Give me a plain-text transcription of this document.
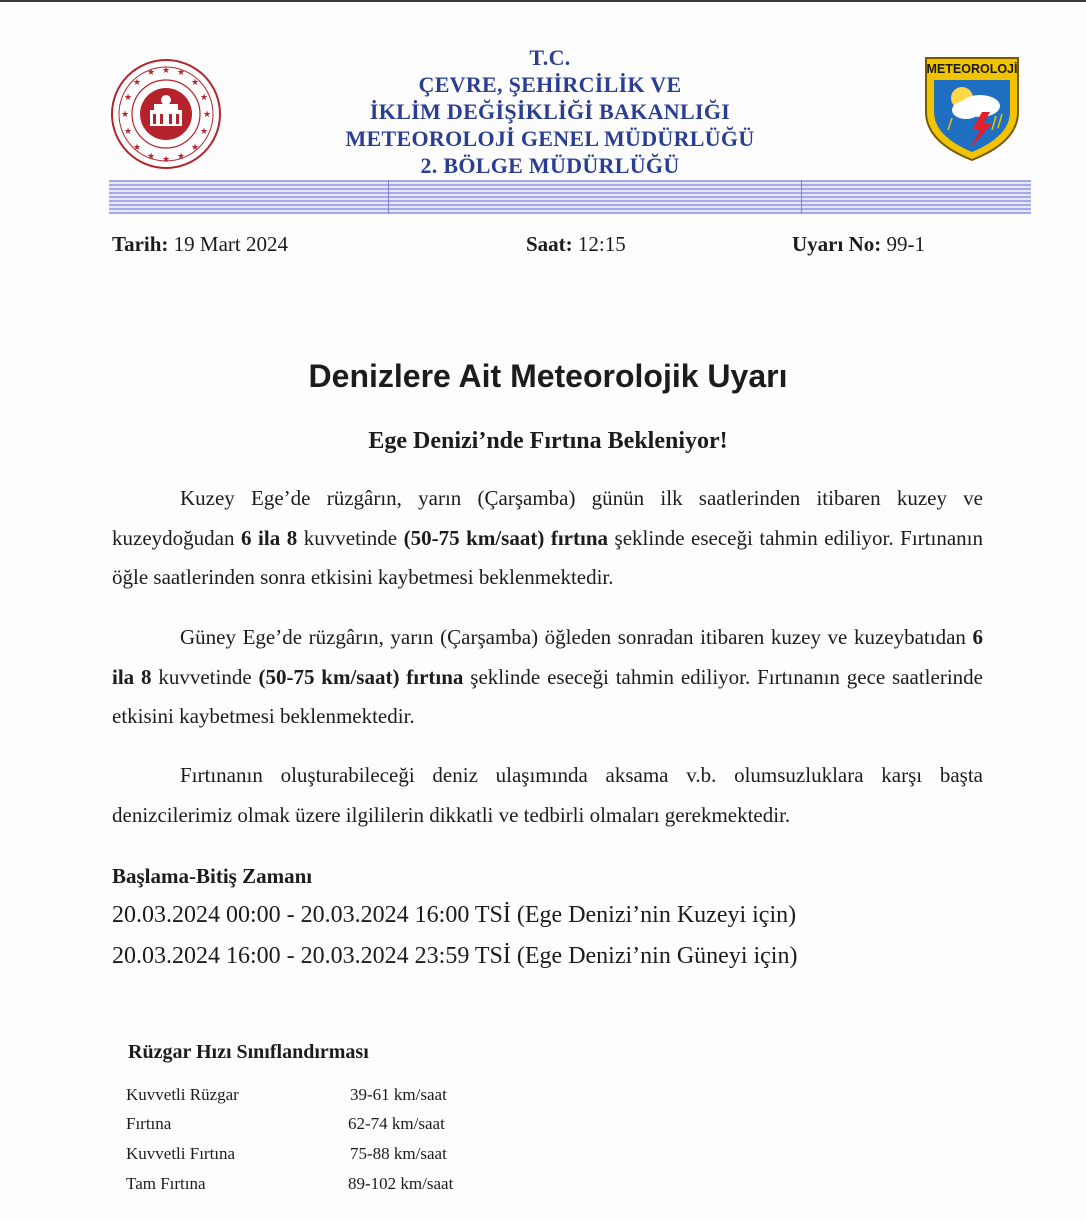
★
★
★
★
★
★
★
★
★
★
★
★
★
★
★
★
T.C.
ÇEVRE, ŞEHİRCİLİK VE
İKLİM DEĞİŞİKLİĞİ BAKANLIĞI
METEOROLOJİ GENEL MÜDÜRLÜĞÜ
2. BÖLGE MÜDÜRLÜĞÜ
METEOROLOJİ
Tarih: 19 Mart 2024	Saat: 12:15	Uyarı No: 99-1
Denizlere Ait Meteorolojik Uyarı
Ege Denizi’nde Fırtına Bekleniyor!
Kuzey Ege’de rüzgârın, yarın (Çarşamba) günün ilk saatlerinden itibaren kuzey ve kuzeydoğudan 6 ila 8 kuvvetinde (50-75 km/saat) fırtına şeklinde eseceği tahmin ediliyor. Fırtınanın öğle saatlerinden sonra etkisini kaybetmesi beklenmektedir.
Güney Ege’de rüzgârın, yarın (Çarşamba) öğleden sonradan itibaren kuzey ve kuzeybatıdan 6 ila 8 kuvvetinde (50-75 km/saat) fırtına şeklinde eseceği tahmin ediliyor. Fırtınanın gece saatlerinde etkisini kaybetmesi beklenmektedir.
Fırtınanın oluşturabileceği deniz ulaşımında aksama v.b. olumsuzluklara karşı başta denizcilerimiz olmak üzere ilgililerin dikkatli ve tedbirli olmaları gerekmektedir.
Başlama-Bitiş Zamanı
20.03.2024 00:00 - 20.03.2024 16:00 TSİ (Ege Denizi’nin Kuzeyi için)
20.03.2024 16:00 - 20.03.2024 23:59 TSİ (Ege Denizi’nin Güneyi için)
Rüzgar Hızı Sınıflandırması
Kuvvetli Rüzgar	39-61 km/saat
Fırtına	62-74 km/saat
Kuvvetli Fırtına	75-88 km/saat
Tam Fırtına	89-102 km/saat
